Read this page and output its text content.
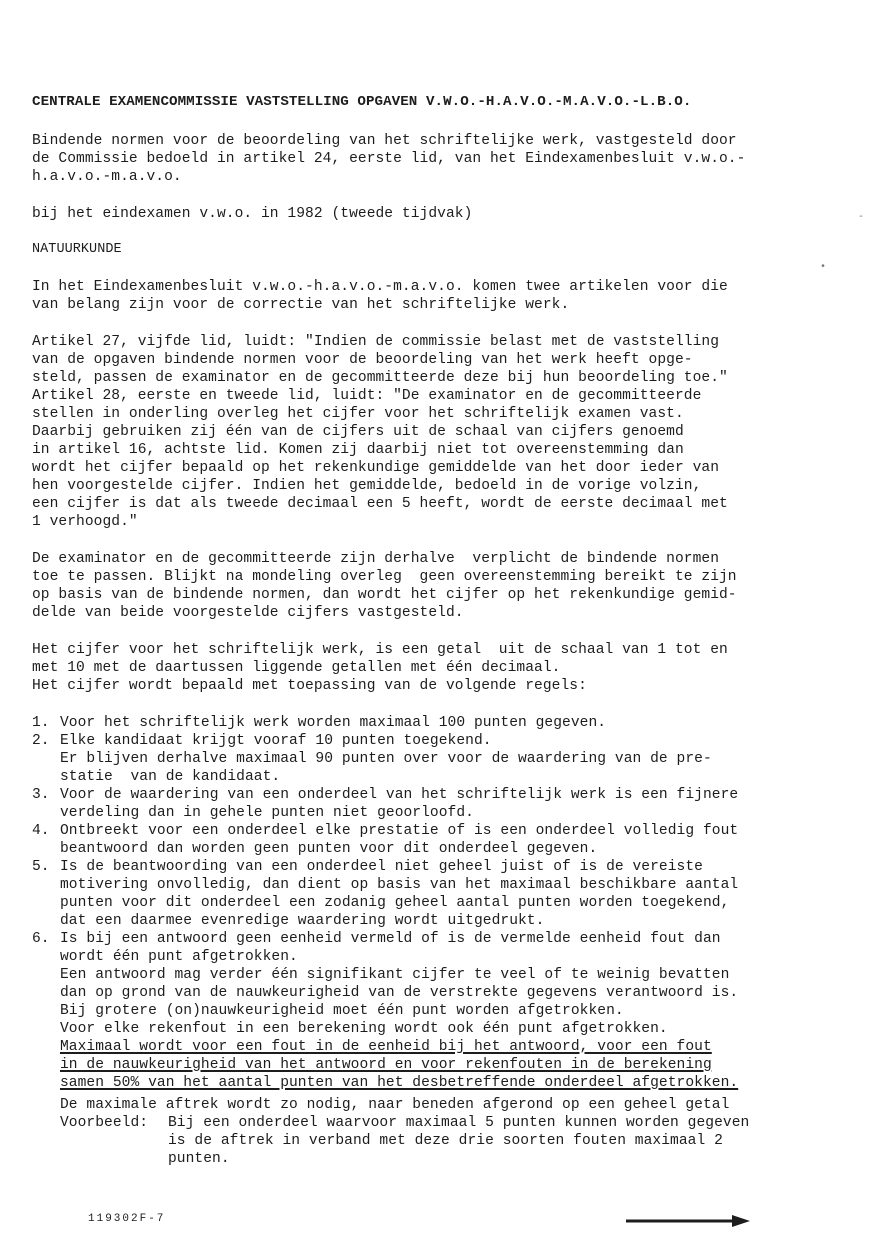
CENTRALE EXAMENCOMMISSIE VASTSTELLING OPGAVEN V.W.O.-H.A.V.O.-M.A.V.O.-L.B.O.
Bindende normen voor de beoordeling van het schriftelijke werk, vastgesteld door
de Commissie bedoeld in artikel 24, eerste lid, van het Eindexamenbesluit v.w.o.-
h.a.v.o.-m.a.v.o.
bij het eindexamen v.w.o. in 1982 (tweede tijdvak)
NATUURKUNDE
In het Eindexamenbesluit v.w.o.-h.a.v.o.-m.a.v.o. komen twee artikelen voor die
van belang zijn voor de correctie van het schriftelijke werk.
Artikel 27, vijfde lid, luidt: "Indien de commissie belast met de vaststelling
van de opgaven bindende normen voor de beoordeling van het werk heeft opge-
steld, passen de examinator en de gecommitteerde deze bij hun beoordeling toe."
Artikel 28, eerste en tweede lid, luidt: "De examinator en de gecommitteerde
stellen in onderling overleg het cijfer voor het schriftelijk examen vast.
Daarbij gebruiken zij één van de cijfers uit de schaal van cijfers genoemd
in artikel 16, achtste lid. Komen zij daarbij niet tot overeenstemming dan
wordt het cijfer bepaald op het rekenkundige gemiddelde van het door ieder van
hen voorgestelde cijfer. Indien het gemiddelde, bedoeld in de vorige volzin,
een cijfer is dat als tweede decimaal een 5 heeft, wordt de eerste decimaal met
1 verhoogd."
De examinator en de gecommitteerde zijn derhalve  verplicht de bindende normen
toe te passen. Blijkt na mondeling overleg  geen overeenstemming bereikt te zijn
op basis van de bindende normen, dan wordt het cijfer op het rekenkundige gemid-
delde van beide voorgestelde cijfers vastgesteld.
Het cijfer voor het schriftelijk werk, is een getal  uit de schaal van 1 tot en
met 10 met de daartussen liggende getallen met één decimaal.
Het cijfer wordt bepaald met toepassing van de volgende regels:
1. Voor het schriftelijk werk worden maximaal 100 punten gegeven.
2. Elke kandidaat krijgt vooraf 10 punten toegekend.
Er blijven derhalve maximaal 90 punten over voor de waardering van de pre-
statie  van de kandidaat.
3. Voor de waardering van een onderdeel van het schriftelijk werk is een fijnere
verdeling dan in gehele punten niet geoorloofd.
4. Ontbreekt voor een onderdeel elke prestatie of is een onderdeel volledig fout
beantwoord dan worden geen punten voor dit onderdeel gegeven.
5. Is de beantwoording van een onderdeel niet geheel juist of is de vereiste
motivering onvolledig, dan dient op basis van het maximaal beschikbare aantal
punten voor dit onderdeel een zodanig geheel aantal punten worden toegekend,
dat een daarmee evenredige waardering wordt uitgedrukt.
6. Is bij een antwoord geen eenheid vermeld of is de vermelde eenheid fout dan
wordt één punt afgetrokken.
Een antwoord mag verder één signifikant cijfer te veel of te weinig bevatten
dan op grond van de nauwkeurigheid van de verstrekte gegevens verantwoord is.
Bij grotere (on)nauwkeurigheid moet één punt worden afgetrokken.
Voor elke rekenfout in een berekening wordt ook één punt afgetrokken.
Maximaal wordt voor een fout in de eenheid bij het antwoord, voor een fout
in de nauwkeurigheid van het antwoord en voor rekenfouten in de berekening
samen 50% van het aantal punten van het desbetreffende onderdeel afgetrokken.
De maximale aftrek wordt zo nodig, naar beneden afgerond op een geheel getal
Voorbeeld: Bij een onderdeel waarvoor maximaal 5 punten kunnen worden gegeven
is de aftrek in verband met deze drie soorten fouten maximaal 2
punten.
119302F-7
-
•
